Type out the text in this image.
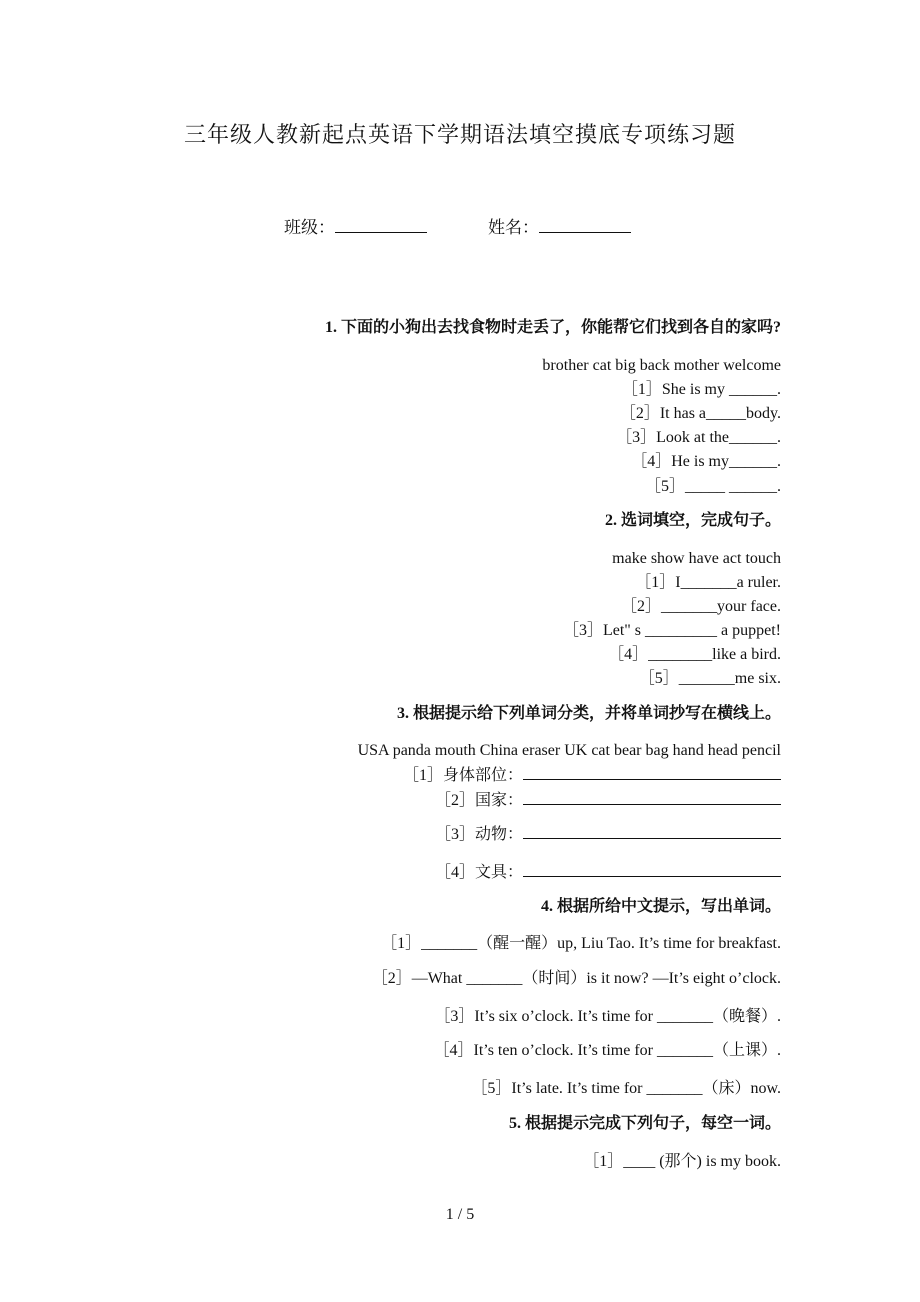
三年级人教新起点英语下学期语法填空摸底专项练习题
班级：	姓名：
1. 下面的小狗出去找食物时走丢了，你能帮它们找到各自的家吗?
brother cat big back mother welcome
［1］She is my ______.
［2］It has a_____body.
［3］Look at the______.
［4］He is my______.
［5］_____ ______.
2. 选词填空，完成句子。
make show have act touch
［1］I_______a ruler.
［2］_______your face.
［3］Let" s _________ a puppet!
［4］________like a bird.
［5］_______me six.
3. 根据提示给下列单词分类，并将单词抄写在横线上。
USA panda mouth China eraser UK cat bear bag hand head pencil
［1］身体部位：
［2］国家：
［3］动物：
［4］文具：
4. 根据所给中文提示，写出单词。
［1］_______（醒一醒）up, Liu Tao. It’s time for breakfast.
［2］—What _______（时间）is it now? —It’s eight o’clock.
［3］It’s six o’clock. It’s time for _______（晚餐）.
［4］It’s ten o’clock. It’s time for _______（上课）.
［5］It’s late. It’s time for _______（床）now.
5. 根据提示完成下列句子，每空一词。
［1］____ (那个) is my book.
1 / 5
